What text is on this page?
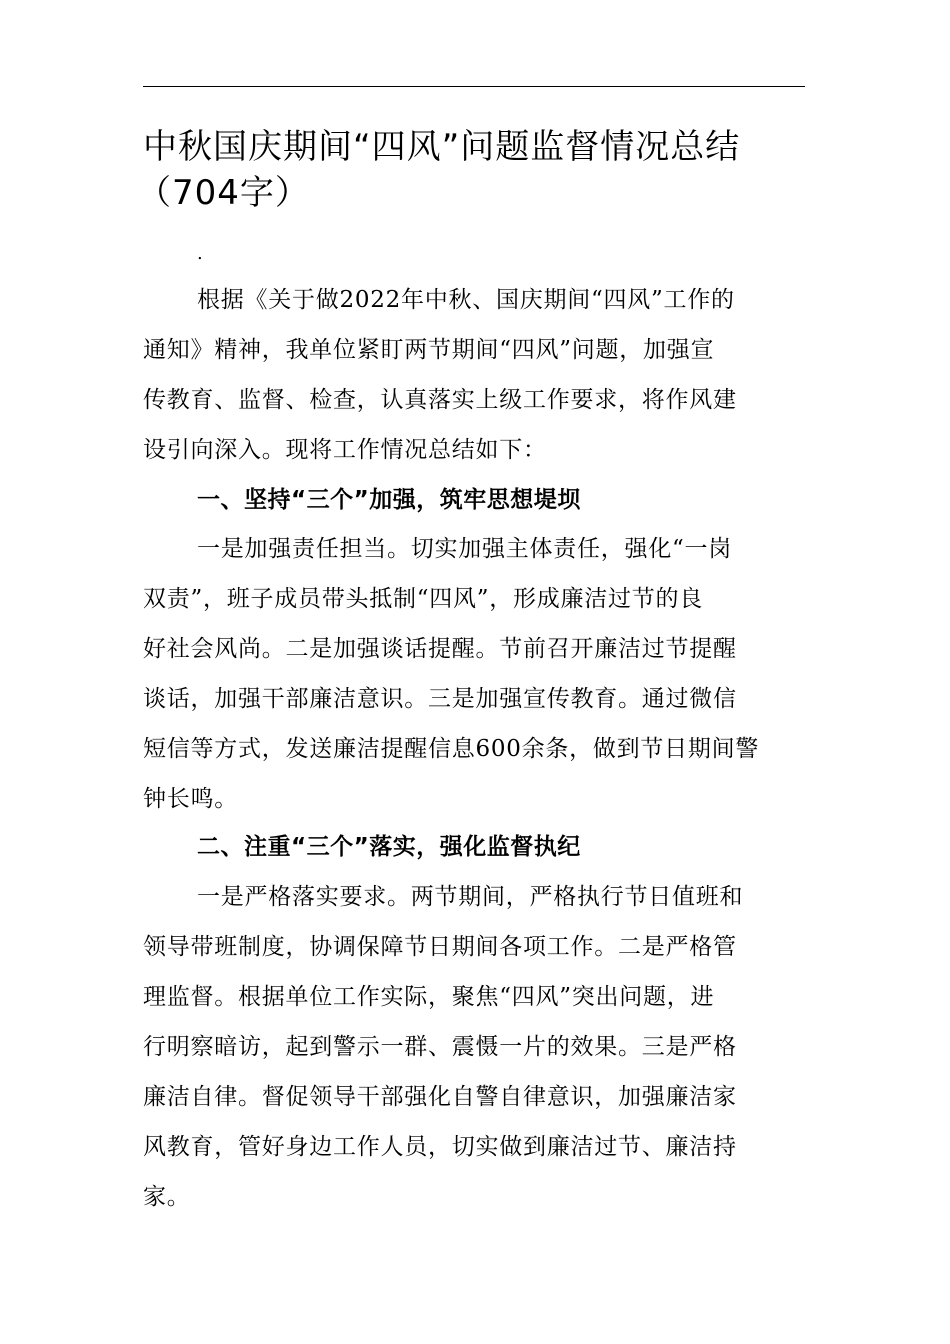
中秋国庆期间“四风”问题监督情况总结
（704字）
.

根据《关于做2022年中秋、国庆期间“四风”工作的
通知》精神，我单位紧盯两节期间“四风”问题，加强宣
传教育、监督、检查，认真落实上级工作要求，将作风建
设引向深入。现将工作情况总结如下：

一、坚持“三个”加强，筑牢思想堤坝

一是加强责任担当。切实加强主体责任，强化“一岗
双责”，班子成员带头抵制“四风”，形成廉洁过节的良
好社会风尚。二是加强谈话提醒。节前召开廉洁过节提醒
谈话，加强干部廉洁意识。三是加强宣传教育。通过微信
短信等方式，发送廉洁提醒信息600余条，做到节日期间警
钟长鸣。

二、注重“三个”落实，强化监督执纪

一是严格落实要求。两节期间，严格执行节日值班和
领导带班制度，协调保障节日期间各项工作。二是严格管
理监督。根据单位工作实际，聚焦“四风”突出问题，进
行明察暗访，起到警示一群、震慑一片的效果。三是严格
廉洁自律。督促领导干部强化自警自律意识，加强廉洁家
风教育，管好身边工作人员，切实做到廉洁过节、廉洁持
家。
